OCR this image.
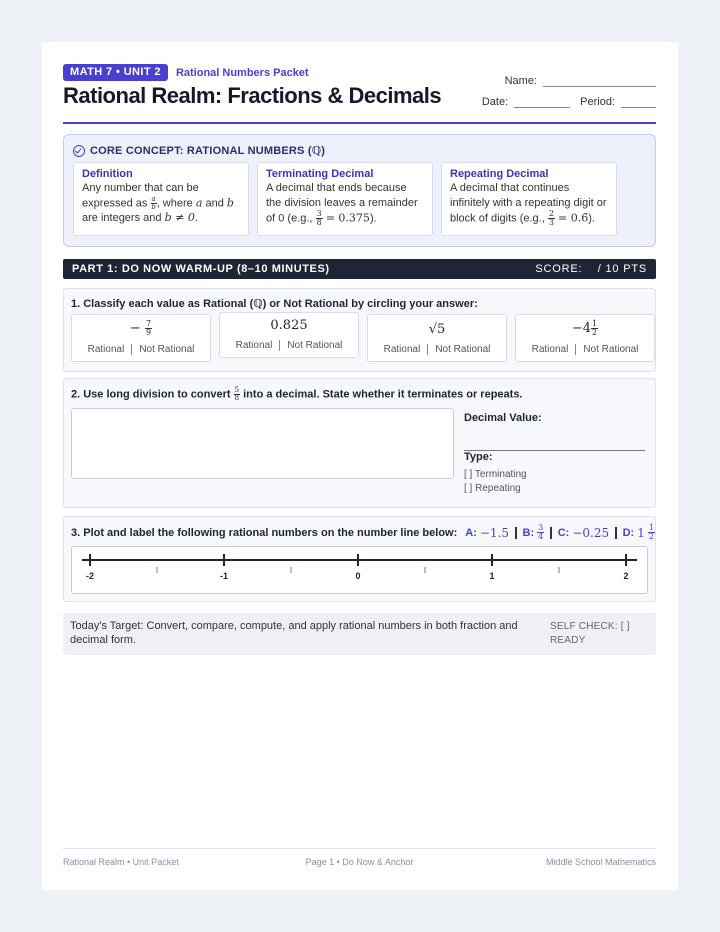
MATH 7 • UNIT 2	Rational Numbers Packet
Rational Realm: Fractions & Decimals
Name:
Date:	Period:
CORE CONCEPT: RATIONAL NUMBERS (ℚ)
Definition
Any number that can be expressed as $\frac{a}{b}$ , where a and b are integers and b ≠ 0.
Terminating Decimal
A decimal that ends because the division leaves a remainder of 0 (e.g., $\frac{3}{8} = 0.375$).
Repeating Decimal
A decimal that continues infinitely with a repeating digit or block of digits (e.g., $\frac{2}{3}$ = 0.6̄).
PART 1: DO NOW WARM-UP (8–10 MINUTES)	SCORE: / 10 PTS
1. Classify each value as Rational (ℚ) or Not Rational by circling your answer:
− $\frac{7}{9}$
Rational Not Rational
0.825
Rational Not Rational
√5
Rational Not Rational
$-4 \frac{1}{2}$
Rational Not Rational
2. Use long division to convert $\frac{5}{8}$ into a decimal. State whether it terminates or repeats.
Decimal Value:
Type:
[ ] Terminating
[ ] Repeating
3. Plot and label the following rational numbers on the number line below: A: −1.5 B: $\frac{3}{4} C$: −0.25 D: $1 \frac{1}{2}$
-2	-1	0	1	2
Today's Target: Convert, compare, compute, and apply rational numbers in both fraction and decimal form.
SELF CHECK: [ ] READY
Rational Realm • Unit Packet	Page 1 • Do Now & Anchor	Middle School Mathematics
